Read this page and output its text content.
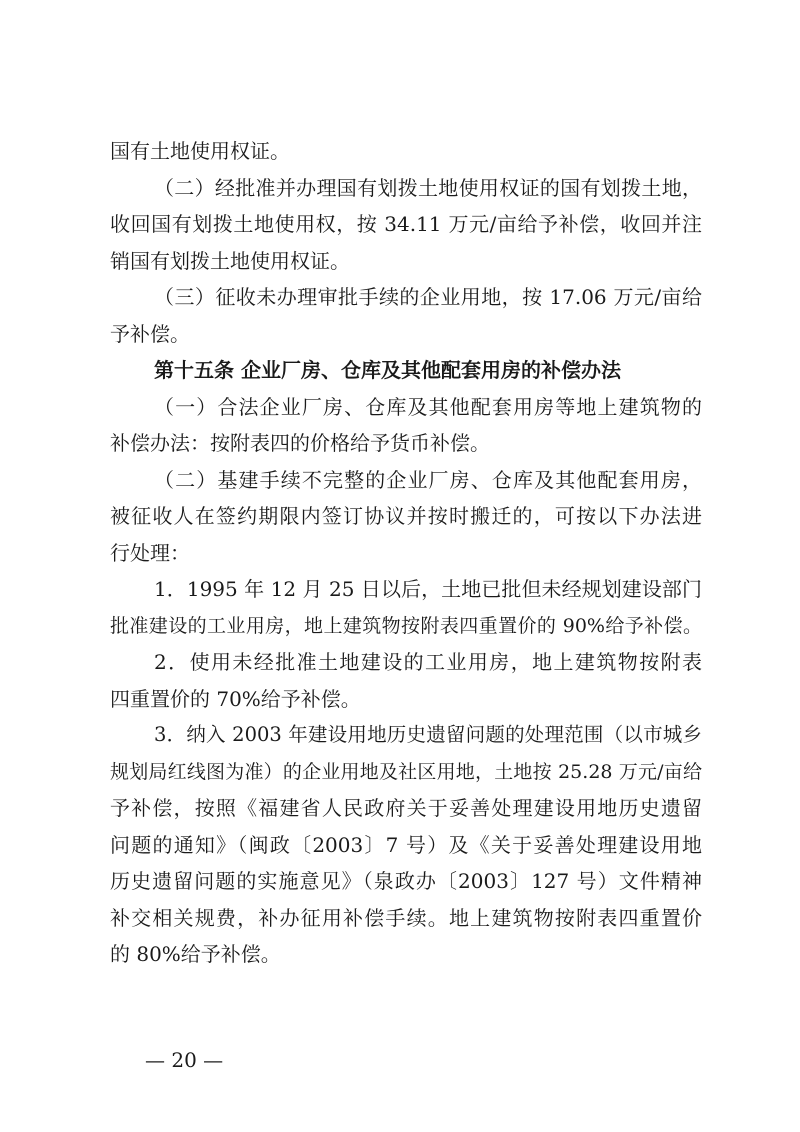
国有土地使用权证。
（二）经批准并办理国有划拨土地使用权证的国有划拨土地，
收回国有划拨土地使用权，按 34.11 万元/亩给予补偿，收回并注
销国有划拨土地使用权证。
（三）征收未办理审批手续的企业用地，按 17.06 万元/亩给
予补偿。
第十五条 企业厂房、仓库及其他配套用房的补偿办法
（一）合法企业厂房、仓库及其他配套用房等地上建筑物的
补偿办法：按附表四的价格给予货币补偿。
（二）基建手续不完整的企业厂房、仓库及其他配套用房，
被征收人在签约期限内签订协议并按时搬迁的，可按以下办法进
行处理：
1．1995 年 12 月 25 日以后，土地已批但未经规划建设部门
批准建设的工业用房，地上建筑物按附表四重置价的 90%给予补偿。
2．使用未经批准土地建设的工业用房，地上建筑物按附表
四重置价的 70%给予补偿。
3．纳入 2003 年建设用地历史遗留问题的处理范围（以市城乡
规划局红线图为准）的企业用地及社区用地，土地按 25.28 万元/亩给
予补偿，按照《福建省人民政府关于妥善处理建设用地历史遗留
问题的通知》（闽政〔2003〕7 号）及《关于妥善处理建设用地
历史遗留问题的实施意见》（泉政办〔2003〕127 号）文件精神
补交相关规费，补办征用补偿手续。地上建筑物按附表四重置价
的 80%给予补偿。
— 20 —
